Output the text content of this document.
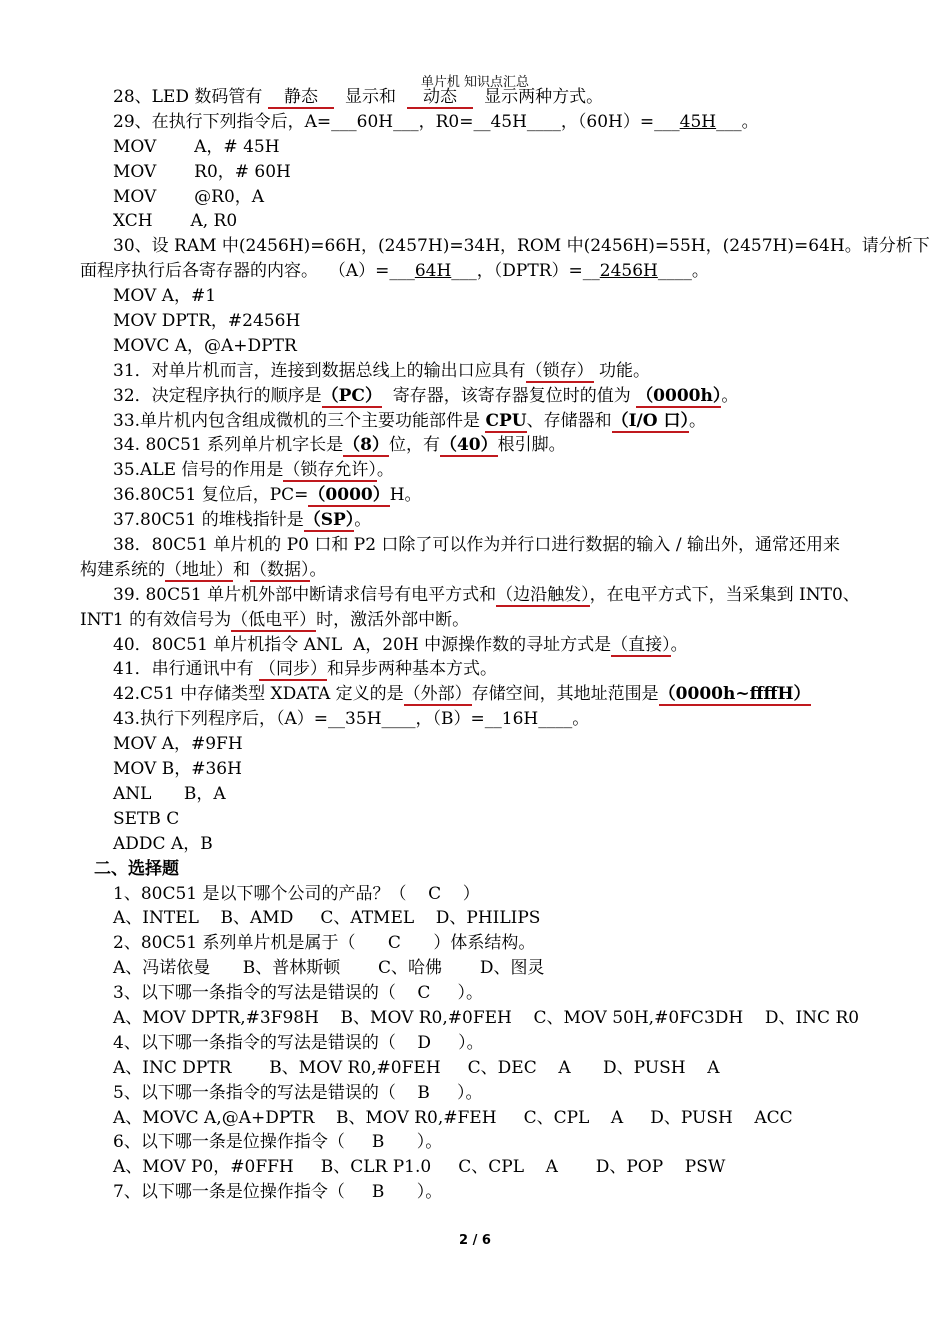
单片机 知识点汇总
28、LED 数码管有    静态     显示和     动态     显示两种方式。
29、在执行下列指令后，A=___60H___，R0=__45H____，（60H）=___45H___。
MOV       A，# 45H
MOV       R0，# 60H
MOV       @R0，A
XCH       A, R0
30、设 RAM 中(2456H)=66H，(2457H)=34H，ROM 中(2456H)=55H，(2457H)=64H。请分析下
面程序执行后各寄存器的内容。  （A）=___64H___，（DPTR）=__2456H____。
MOV A，#1
MOV DPTR，#2456H
MOVC A，@A+DPTR
31．对单片机而言，连接到数据总线上的输出口应具有（锁存） 功能。
32．决定程序执行的顺序是（PC）  寄存器，该寄存器复位时的值为 （0000h）。
33.单片机内包含组成微机的三个主要功能部件是 CPU、存储器和（I/O 口）。
34. 80C51 系列单片机字长是（8）位，有（40）根引脚。
35.ALE 信号的作用是（锁存允许）。
36.80C51 复位后，PC=（0000）H。
37.80C51 的堆栈指针是（SP）。
38．80C51 单片机的 P0 口和 P2 口除了可以作为并行口进行数据的输入 / 输出外，通常还用来
构建系统的（地址）和（数据）。
39. 80C51 单片机外部中断请求信号有电平方式和（边沿触发），在电平方式下，当采集到 INT0、
INT1 的有效信号为（低电平）时，激活外部中断。
40．80C51 单片机指令 ANL  A，20H 中源操作数的寻址方式是（直接）。
41．串行通讯中有 （同步）和异步两种基本方式。
42.C51 中存储类型 XDATA 定义的是（外部）存储空间，其地址范围是（0000h~ffffH）
43.执行下列程序后，（A）=__35H____，（B）=__16H____。
MOV A，#9FH
MOV B，#36H
ANL      B，A
SETB C
ADDC A，B
二、选择题
1、80C51 是以下哪个公司的产品？（    C    ）
A、INTEL    B、AMD     C、ATMEL    D、PHILIPS
2、80C51 系列单片机是属于（      C      ）体系结构。
A、冯诺依曼      B、普林斯顿       C、哈佛       D、图灵
3、以下哪一条指令的写法是错误的（    C     ）。
A、MOV DPTR,#3F98H    B、MOV R0,#0FEH    C、MOV 50H,#0FC3DH    D、INC R0
4、以下哪一条指令的写法是错误的（    D     ）。
A、INC DPTR       B、MOV R0,#0FEH     C、DEC    A      D、PUSH    A
5、以下哪一条指令的写法是错误的（    B     ）。
A、MOVC A,@A+DPTR    B、MOV R0,#FEH     C、CPL    A     D、PUSH    ACC
6、以下哪一条是位操作指令（     B      ）。
A、MOV P0，#0FFH     B、CLR P1.0     C、CPL    A       D、POP    PSW
7、以下哪一条是位操作指令（     B      ）。
2 / 6
